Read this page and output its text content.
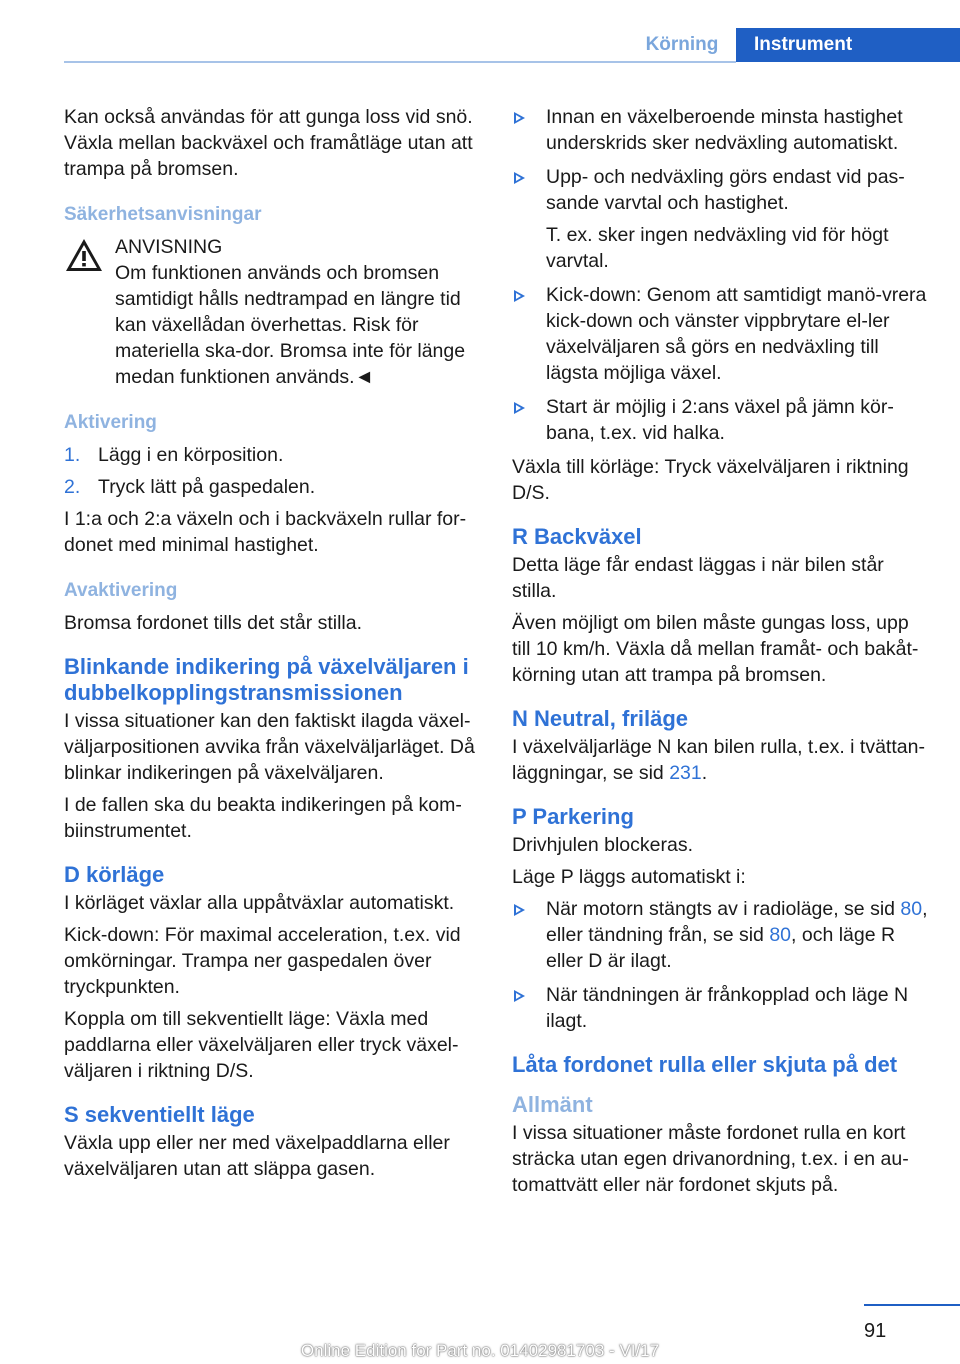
Körning	Instrument

Kan också användas för att gunga loss vid snö. Växla mellan backväxel och framåtläge utan att trampa på bromsen.

Säkerhetsanvisningar
ANVISNING
Om funktionen används och bromsen samtidigt hålls nedtrampad en längre tid kan växellådan överhettas. Risk för materiella ska‐dor. Bromsa inte för länge medan funktionen används.◄
Aktivering
1. Lägg i en körposition.
2. Tryck lätt på gaspedalen.

I 1:a och 2:a växeln och i backväxeln rullar for‐donet med minimal hastighet.

Avaktivering

Bromsa fordonet tills det står stilla.

Blinkande indikering på växelväljaren i dubbelkopplingstransmissionen

I vissa situationer kan den faktiskt ilagda växel‐väljarpositionen avvika från växelväljarläget. Då blinkar indikeringen på växelväljaren.

I de fallen ska du beakta indikeringen på kom‐biinstrumentet.

D körläge

I körläget växlar alla uppåtväxlar automatiskt.

Kick-down: För maximal acceleration, t.ex. vid omkörningar. Trampa ner gaspedalen över tryckpunkten.

Koppla om till sekventiellt läge: Växla med paddlarna eller växelväljaren eller tryck växel‐väljaren i riktning D/S.

S sekventiellt läge

Växla upp eller ner med växelpaddlarna eller växelväljaren utan att släppa gasen.

Innan en växelberoende minsta hastighet underskrids sker nedväxling automatiskt.
Upp- och nedväxling görs endast vid pas‐sande varvtal och hastighet.
T. ex. sker ingen nedväxling vid för högt varvtal.
Kick-down: Genom att samtidigt manö‐vrera kick-down och vänster vippbrytare el‐ler växelväljaren så görs en nedväxling till lägsta möjliga växel.
Start är möjlig i 2:ans växel på jämn kör‐bana, t.ex. vid halka.

Växla till körläge: Tryck växelväljaren i riktning D/S.

R Backväxel

Detta läge får endast läggas i när bilen står stilla.

Även möjligt om bilen måste gungas loss, upp till 10 km/h. Växla då mellan framåt- och bakåt‐körning utan att trampa på bromsen.

N Neutral, friläge

I växelväljarläge N kan bilen rulla, t.ex. i tvättan‐läggningar, se sid 231.

P Parkering

Drivhjulen blockeras.

Läge P läggs automatiskt i:

När motorn stängts av i radioläge, se sid 80, eller tändning från, se sid 80, och läge R eller D är ilagt.
När tändningen är frånkopplad och läge N ilagt.
Låta fordonet rulla eller skjuta på det
Allmänt

I vissa situationer måste fordonet rulla en kort sträcka utan egen drivanordning, t.ex. i en au‐tomattvätt eller när fordonet skjuts på.

91
Online Edition for Part no. 01402981703 - VI/17
